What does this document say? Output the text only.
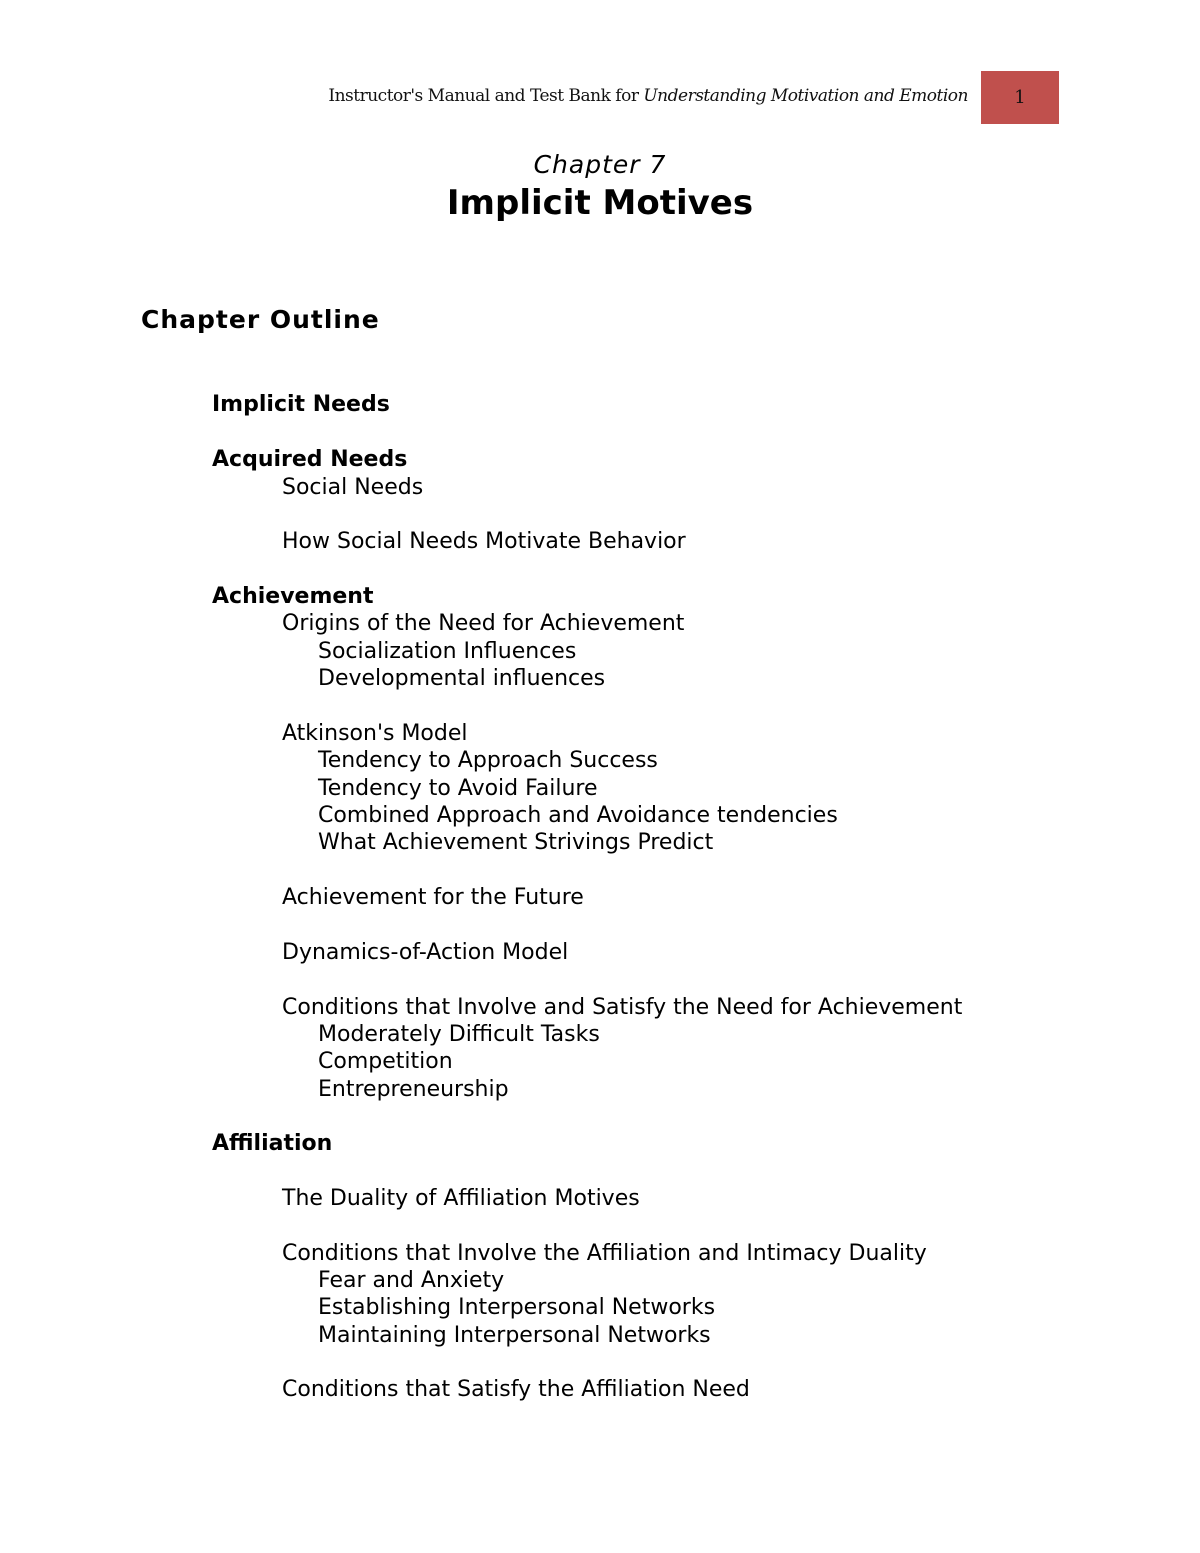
Instructor's Manual and Test Bank for Understanding Motivation and Emotion	1
Chapter 7
Implicit Motives
Chapter Outline
Implicit Needs
Acquired Needs
Social Needs
How Social Needs Motivate Behavior
Achievement
Origins of the Need for Achievement
Socialization Influences
Developmental influences
Atkinson's Model
Tendency to Approach Success
Tendency to Avoid Failure
Combined Approach and Avoidance tendencies
What Achievement Strivings Predict
Achievement for the Future
Dynamics-of-Action Model
Conditions that Involve and Satisfy the Need for Achievement
Moderately Difficult Tasks
Competition
Entrepreneurship
Affiliation
The Duality of Affiliation Motives
Conditions that Involve the Affiliation and Intimacy Duality
Fear and Anxiety
Establishing Interpersonal Networks
Maintaining Interpersonal Networks
Conditions that Satisfy the Affiliation Need
